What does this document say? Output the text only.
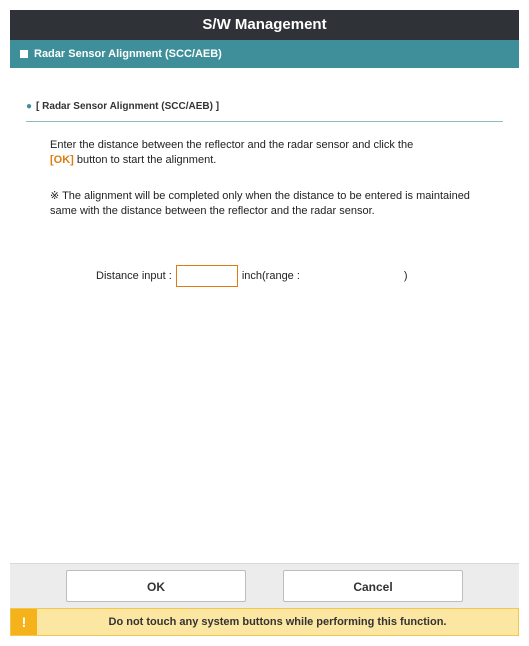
S/W Management
Radar Sensor Alignment (SCC/AEB)
● [ Radar Sensor Alignment (SCC/AEB) ]
Enter the distance between the reflector and the radar sensor and click the
[OK] button to start the alignment.
※ The alignment will be completed only when the distance to be entered is maintained same with the distance between the reflector and the radar sensor.
Distance input :	inch(range :	)
OK	Cancel
!	Do not touch any system buttons while performing this function.
